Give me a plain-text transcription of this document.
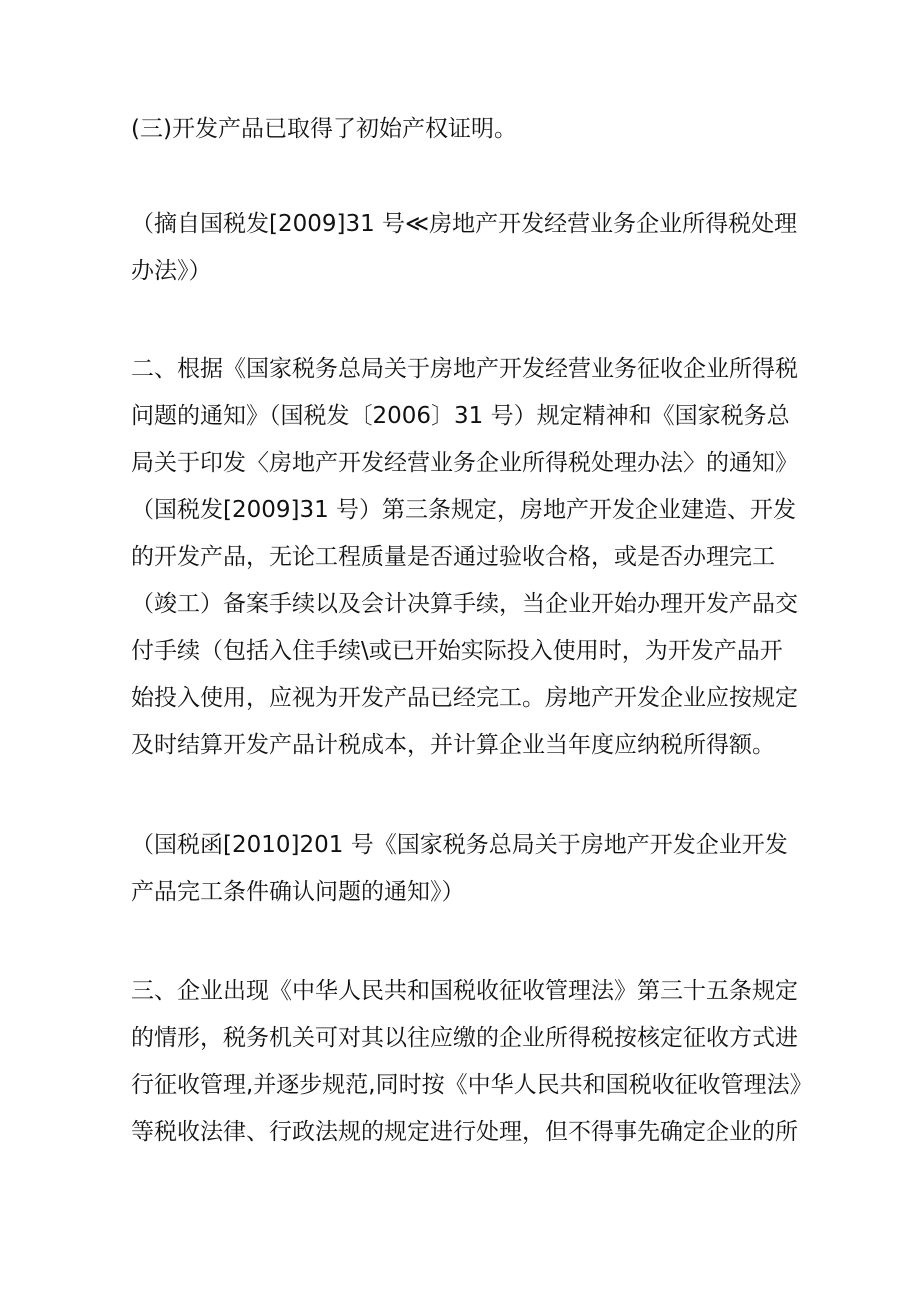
(三)开发产品已取得了初始产权证明。

（摘自国税发[2009]31 号≪房地产开发经营业务企业所得税处理
办法》）

二、根据《国家税务总局关于房地产开发经营业务征收企业所得税
问题的通知》（国税发〔2006〕31 号）规定精神和《国家税务总
局关于印发〈房地产开发经营业务企业所得税处理办法〉的通知》
（国税发[2009]31 号）第三条规定，房地产开发企业建造、开发
的开发产品，无论工程质量是否通过验收合格，或是否办理完工
（竣工）备案手续以及会计决算手续，当企业开始办理开发产品交
付手续（包括入住手续\或已开始实际投入使用时，为开发产品开
始投入使用，应视为开发产品已经完工。房地产开发企业应按规定
及时结算开发产品计税成本，并计算企业当年度应纳税所得额。

（国税函[2010]201 号《国家税务总局关于房地产开发企业开发
产品完工条件确认问题的通知》）

三、企业出现《中华人民共和国税收征收管理法》第三十五条规定
的情形，税务机关可对其以往应缴的企业所得税按核定征收方式进
行征收管理,并逐步规范,同时按《中华人民共和国税收征收管理法》
等税收法律、行政法规的规定进行处理，但不得事先确定企业的所
